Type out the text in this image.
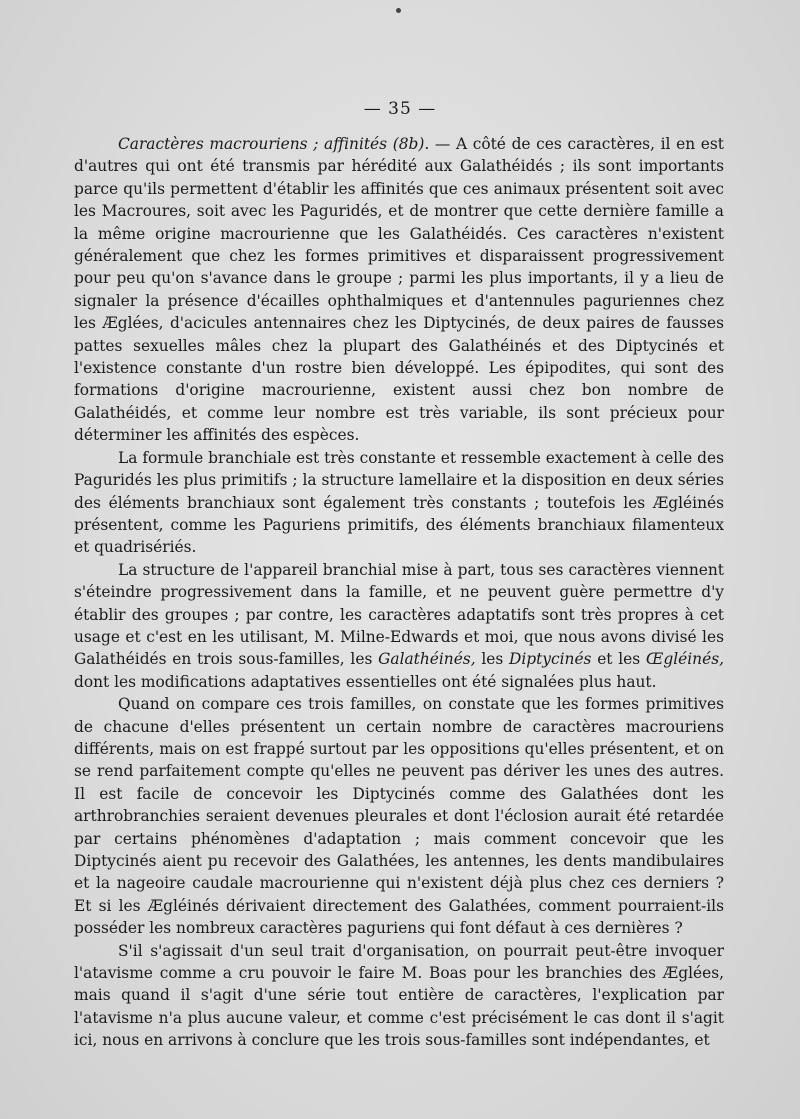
— 35 —

Caractères macrouriens ; affinités (8b). — A côté de ces caractères, il en est d'autres qui ont été transmis par hérédité aux Galathéidés ; ils sont importants parce qu'ils permettent d'établir les affinités que ces animaux présentent soit avec les Macroures, soit avec les Paguridés, et de montrer que cette dernière famille a la même origine macrourienne que les Galathéidés. Ces caractères n'existent généralement que chez les formes primitives et disparaissent progressivement pour peu qu'on s'avance dans le groupe ; parmi les plus importants, il y a lieu de signaler la présence d'écailles ophthalmiques et d'antennules paguriennes chez les Æglées, d'acicules antennaires chez les Diptycinés, de deux paires de fausses pattes sexuelles mâles chez la plupart des Galathéinés et des Diptycinés et l'existence constante d'un rostre bien développé. Les épipodites, qui sont des formations d'origine macrourienne, existent aussi chez bon nombre de Galathéidés, et comme leur nombre est très variable, ils sont précieux pour déterminer les affinités des espèces.

La formule branchiale est très constante et ressemble exactement à celle des Paguridés les plus primitifs ; la structure lamellaire et la disposition en deux séries des éléments branchiaux sont également très constants ; toutefois les Ægléinés présentent, comme les Paguriens primitifs, des éléments branchiaux filamenteux et quadrisériés.

La structure de l'appareil branchial mise à part, tous ses caractères viennent s'éteindre progressivement dans la famille, et ne peuvent guère permettre d'y établir des groupes ; par contre, les caractères adaptatifs sont très propres à cet usage et c'est en les utilisant, M. Milne-Edwards et moi, que nous avons divisé les Galathéidés en trois sous-familles, les Galathéinés, les Diptycinés et les Œgléinés, dont les modifications adaptatives essentielles ont été signalées plus haut.

Quand on compare ces trois familles, on constate que les formes primitives de chacune d'elles présentent un certain nombre de caractères macrouriens différents, mais on est frappé surtout par les oppositions qu'elles présentent, et on se rend parfaitement compte qu'elles ne peuvent pas dériver les unes des autres. Il est facile de concevoir les Diptycinés comme des Galathées dont les arthrobranchies seraient devenues pleurales et dont l'éclosion aurait été retardée par certains phénomènes d'adaptation ; mais comment concevoir que les Diptycinés aient pu recevoir des Galathées, les antennes, les dents mandibulaires et la nageoire caudale macrourienne qui n'existent déjà plus chez ces derniers ? Et si les Ægléinés dérivaient directement des Galathées, comment pourraient-ils posséder les nombreux caractères paguriens qui font défaut à ces dernières ?

S'il s'agissait d'un seul trait d'organisation, on pourrait peut-être invoquer l'atavisme comme a cru pouvoir le faire M. Boas pour les branchies des Æglées, mais quand il s'agit d'une série tout entière de caractères, l'explication par l'atavisme n'a plus aucune valeur, et comme c'est précisément le cas dont il s'agit ici, nous en arrivons à conclure que les trois sous-familles sont indépendantes, et
